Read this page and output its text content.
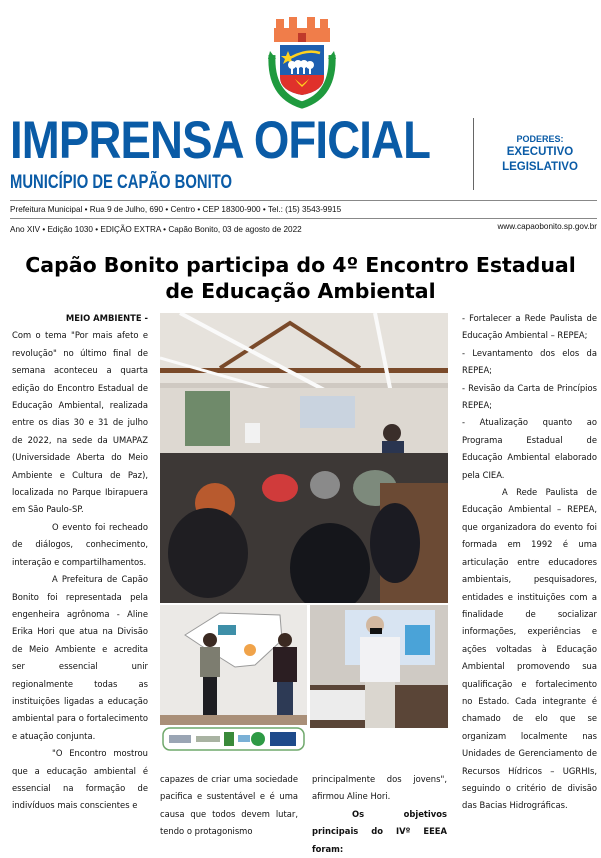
IMPRENSA OFICIAL
MUNICÍPIO DE CAPÃO BONITO
PODERES:
EXECUTIVO
LEGISLATIVO
Prefeitura Municipal • Rua 9 de Julho, 690 • Centro • CEP 18300-900 • Tel.: (15) 3543-9915
Ano XIV • Edição 1030 • EDIÇÃO EXTRA • Capão Bonito, 03 de agosto de 2022	www.capaobonito.sp.gov.br
Capão Bonito participa do 4º Encontro Estadual
de Educação Ambiental

MEIO AMBIENTE -

Com o tema "Por mais afeto e revolução" no último final de semana aconteceu a quarta edição do Encontro Estadual de Educação Ambiental, realizada entre os dias 30 e 31 de julho de 2022, na sede da UMAPAZ (Universidade Aberta do Meio Ambiente e Cultura de Paz), localizada no Parque Ibirapuera em São Paulo-SP.

O evento foi recheado de diálogos, conhecimento, interação e compartilhamentos.

A Prefeitura de Capão Bonito foi representada pela engenheira agrônoma - Aline Erika Hori que atua na Divisão de Meio Ambiente e acredita ser essencial unir regionalmente todas as instituições ligadas a educação ambiental para o fortalecimento e atuação conjunta.

"O Encontro mostrou que a educação ambiental é essencial na formação de indivíduos mais conscientes e

capazes de criar uma sociedade pacifica e sustentável e é uma causa que todos devem lutar, tendo o protagonismo

principalmente dos jovens", afirmou Aline Hori.

Os objetivos principais do IVº EEEA foram:

- Fortalecer a Rede Paulista de Educação Ambiental – REPEA;

- Levantamento dos elos da REPEA;

- Revisão da Carta de Princípios REPEA;

- Atualização quanto ao Programa Estadual de Educação Ambiental elaborado pela CIEA.

A Rede Paulista de Educação Ambiental – REPEA, que organizadora do evento foi formada em 1992 é uma articulação entre educadores ambientais, pesquisadores, entidades e instituições com a finalidade de socializar informações, experiências e ações voltadas à Educação Ambiental promovendo sua qualificação e fortalecimento no Estado. Cada integrante é chamado de elo que se organizam localmente nas Unidades de Gerenciamento de Recursos Hídricos – UGRHIs, seguindo o critério de divisão das Bacias Hidrográficas.
